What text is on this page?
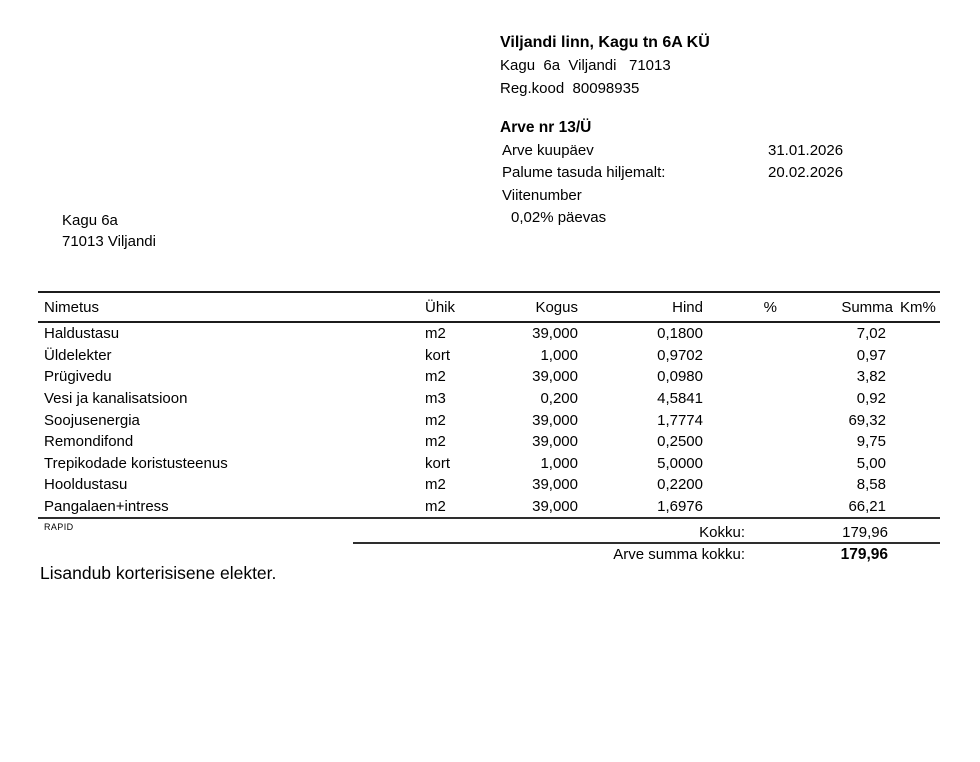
Viljandi linn, Kagu tn 6A KÜ
Kagu  6a  Viljandi   71013
Reg.kood  80098935
Arve nr 13/Ü
Arve kuupäev	31.01.2026
Palume tasuda hiljemalt:	20.02.2026
Viitenumber
0,02% päevas
Kagu 6a
71013 Viljandi
Nimetus	Ühik	Kogus	Hind	%	Summa	Km%
Haldustasu	m2	39,000	0,1800		7,02	
Üldelekter	kort	1,000	0,9702		0,97	
Prügivedu	m2	39,000	0,0980		3,82	
Vesi ja kanalisatsioon	m3	0,200	4,5841		0,92	
Soojusenergia	m2	39,000	1,7774		69,32	
Remondifond	m2	39,000	0,2500		9,75	
Trepikodade koristusteenus	kort	1,000	5,0000		5,00	
Hooldustasu	m2	39,000	0,2200		8,58	
Pangalaen+intress	m2	39,000	1,6976		66,21	
RAPID	Kokku:	179,96
Arve summa kokku:	179,96
Lisandub korterisisene elekter.
